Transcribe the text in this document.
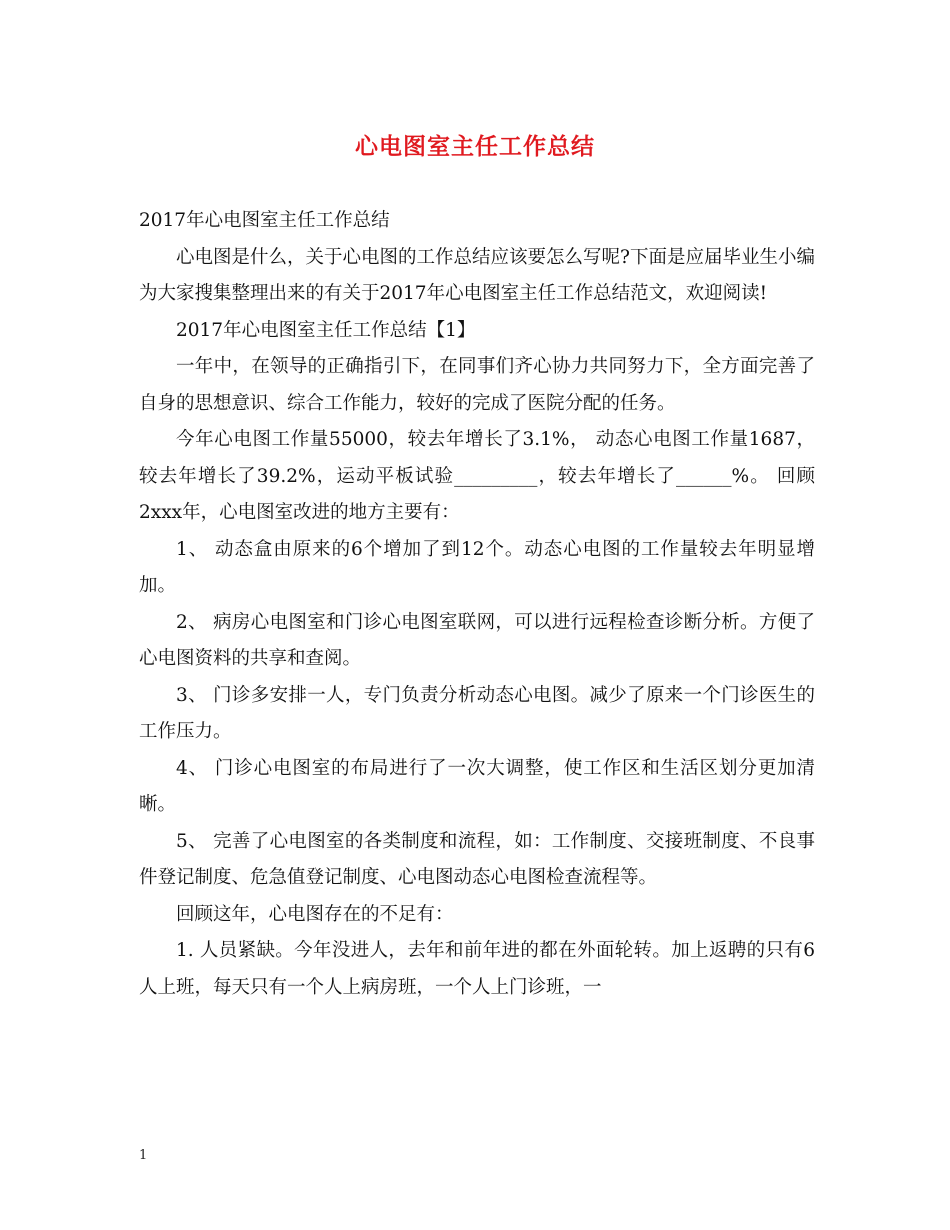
心电图室主任工作总结

2017年心电图室主任工作总结

心电图是什么，关于心电图的工作总结应该要怎么写呢?下面是应届毕业生小编为大家搜集整理出来的有关于2017年心电图室主任工作总结范文，欢迎阅读!

2017年心电图室主任工作总结【1】

一年中，在领导的正确指引下，在同事们齐心协力共同努力下，全方面完善了自身的思想意识、综合工作能力，较好的完成了医院分配的任务。

今年心电图工作量55000，较去年增长了3.1%， 动态心电图工作量1687，较去年增长了39.2%，运动平板试验_________，较去年增长了______%。 回顾2xxx年，心电图室改进的地方主要有：

1、 动态盒由原来的6个增加了到12个。动态心电图的工作量较去年明显增加。

2、 病房心电图室和门诊心电图室联网，可以进行远程检查诊断分析。方便了心电图资料的共享和查阅。

3、 门诊多安排一人，专门负责分析动态心电图。减少了原来一个门诊医生的工作压力。

4、 门诊心电图室的布局进行了一次大调整，使工作区和生活区划分更加清晰。

5、 完善了心电图室的各类制度和流程，如：工作制度、交接班制度、不良事件登记制度、危急值登记制度、心电图动态心电图检查流程等。

回顾这年，心电图存在的不足有：

1. 人员紧缺。今年没进人，去年和前年进的都在外面轮转。加上返聘的只有6人上班，每天只有一个人上病房班，一个人上门诊班，一

1
